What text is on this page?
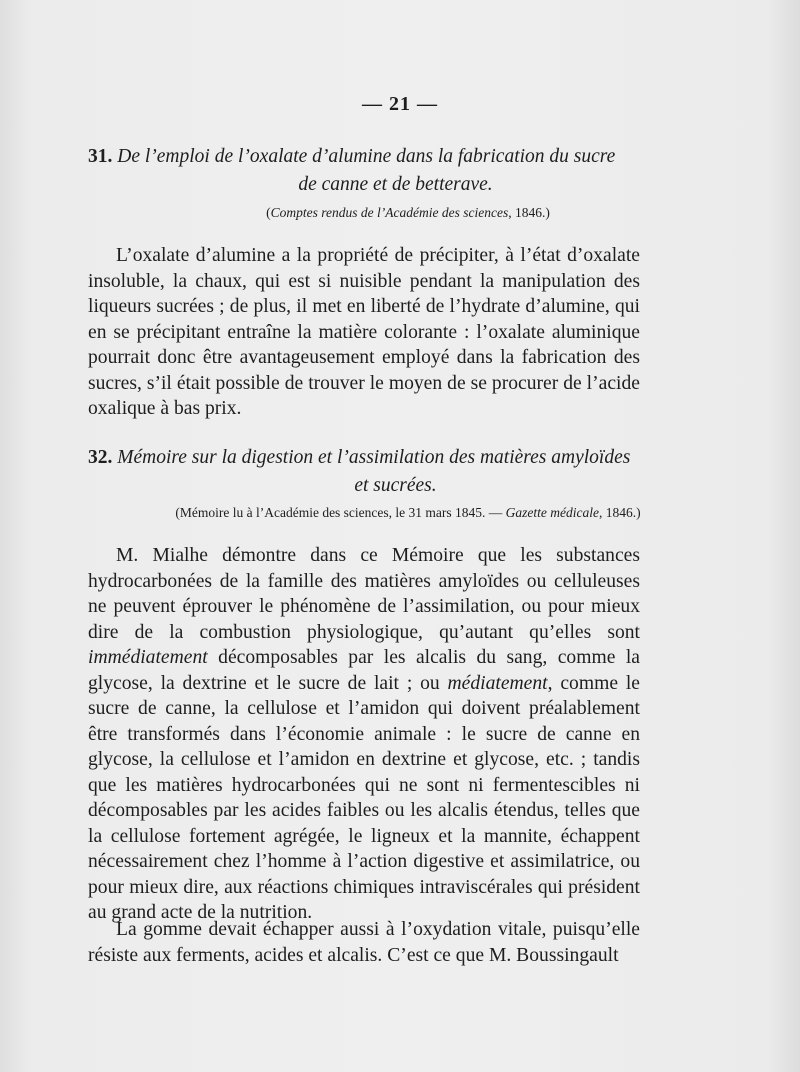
— 21 —
31. De l’emploi de l’oxalate d’alumine dans la fabrication du sucre
de canne et de betterave.
(Comptes rendus de l’Académie des sciences, 1846.)
L’oxalate d’alumine a la propriété de précipiter, à l’état d’oxalate insoluble, la chaux, qui est si nuisible pendant la manipulation des liqueurs sucrées ; de plus, il met en liberté de l’hydrate d’alumine, qui en se précipitant entraîne la matière colorante : l’oxalate aluminique pourrait donc être avantageusement employé dans la fabrication des sucres, s’il était possible de trouver le moyen de se procurer de l’acide oxalique à bas prix.
32. Mémoire sur la digestion et l’assimilation des matières amyloïdes
et sucrées.
(Mémoire lu à l’Académie des sciences, le 31 mars 1845. — Gazette médicale, 1846.)
M. Mialhe démontre dans ce Mémoire que les substances hydrocarbonées de la famille des matières amyloïdes ou celluleuses ne peuvent éprouver le phénomène de l’assimilation, ou pour mieux dire de la combustion physiologique, qu’autant qu’elles sont immédiatement décomposables par les alcalis du sang, comme la glycose, la dextrine et le sucre de lait ; ou médiatement, comme le sucre de canne, la cellulose et l’amidon qui doivent préalablement être transformés dans l’économie animale : le sucre de canne en glycose, la cellulose et l’amidon en dextrine et glycose, etc. ; tandis que les matières hydrocarbonées qui ne sont ni fermentescibles ni décomposables par les acides faibles ou les alcalis étendus, telles que la cellulose fortement agrégée, le ligneux et la mannite, échappent nécessairement chez l’homme à l’action digestive et assimilatrice, ou pour mieux dire, aux réactions chimiques intraviscérales qui président au grand acte de la nutrition.
La gomme devait échapper aussi à l’oxydation vitale, puisqu’elle résiste aux ferments, acides et alcalis. C’est ce que M. Boussingault
